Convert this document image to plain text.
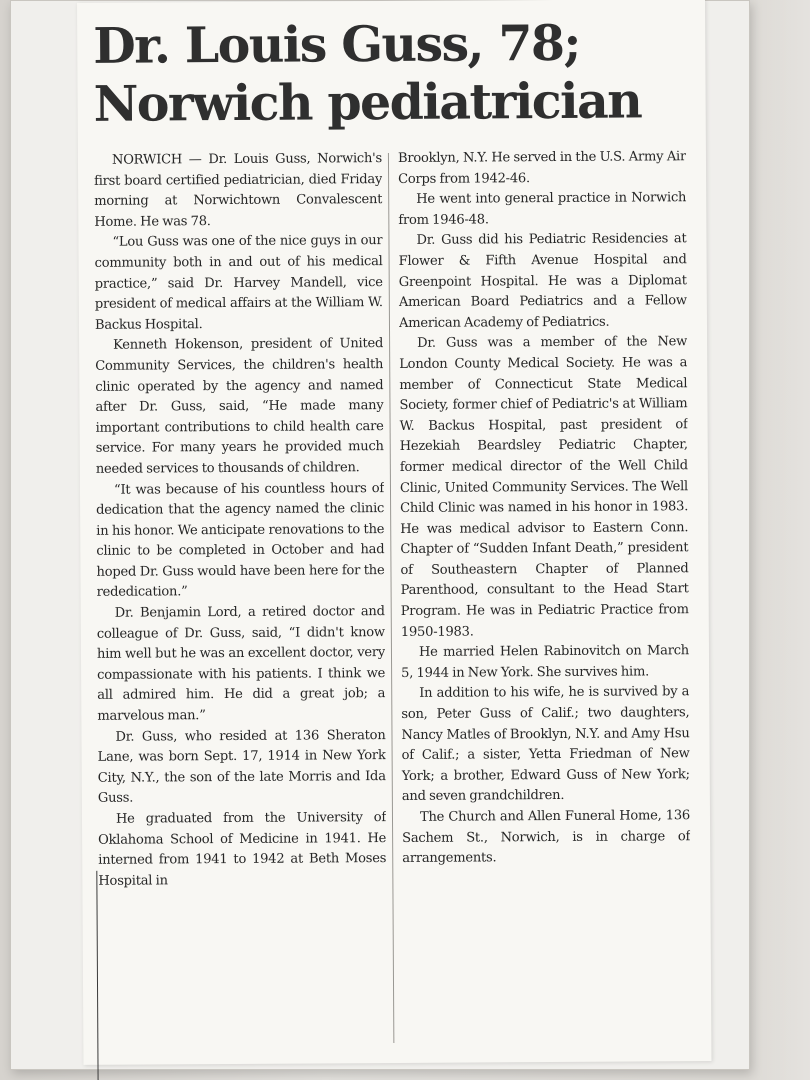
Dr. Louis Guss, 78;
Norwich pediatrician

NORWICH — Dr. Louis Guss, Norwich's first board certified pediatrician, died Friday morning at Norwichtown Convalescent Home. He was 78.

“Lou Guss was one of the nice guys in our community both in and out of his medical practice,” said Dr. Harvey Mandell, vice president of medical affairs at the William W. Backus Hospital.

Kenneth Hokenson, president of United Community Services, the children's health clinic operated by the agency and named after Dr. Guss, said, “He made many important contributions to child health care service. For many years he provided much needed services to thousands of children.

“It was because of his countless hours of dedication that the agency named the clinic in his honor. We anticipate renovations to the clinic to be completed in October and had hoped Dr. Guss would have been here for the rededication.”

Dr. Benjamin Lord, a retired doctor and colleague of Dr. Guss, said, “I didn't know him well but he was an excellent doctor, very compassionate with his patients. I think we all admired him. He did a great job; a marvelous man.”

Dr. Guss, who resided at 136 Sheraton Lane, was born Sept. 17, 1914 in New York City, N.Y., the son of the late Morris and Ida Guss.

He graduated from the University of Oklahoma School of Medicine in 1941. He interned from 1941 to 1942 at Beth Moses Hospital in

Brooklyn, N.Y. He served in the U.S. Army Air Corps from 1942-46.

He went into general practice in Norwich from 1946-48.

Dr. Guss did his Pediatric Residencies at Flower & Fifth Avenue Hospital and Greenpoint Hospital. He was a Diplomat American Board Pediatrics and a Fellow American Academy of Pediatrics.

Dr. Guss was a member of the New London County Medical Society. He was a member of Connecticut State Medical Society, former chief of Pediatric's at William W. Backus Hospital, past president of Hezekiah Beardsley Pediatric Chapter, former medical director of the Well Child Clinic, United Community Services. The Well Child Clinic was named in his honor in 1983. He was medical advisor to Eastern Conn. Chapter of “Sudden Infant Death,” president of Southeastern Chapter of Planned Parenthood, consultant to the Head Start Program. He was in Pediatric Practice from 1950-1983.

He married Helen Rabinovitch on March 5, 1944 in New York. She survives him.

In addition to his wife, he is survived by a son, Peter Guss of Calif.; two daughters, Nancy Matles of Brooklyn, N.Y. and Amy Hsu of Calif.; a sister, Yetta Friedman of New York; a brother, Edward Guss of New York; and seven grandchildren.

The Church and Allen Funeral Home, 136 Sachem St., Norwich, is in charge of arrangements.
